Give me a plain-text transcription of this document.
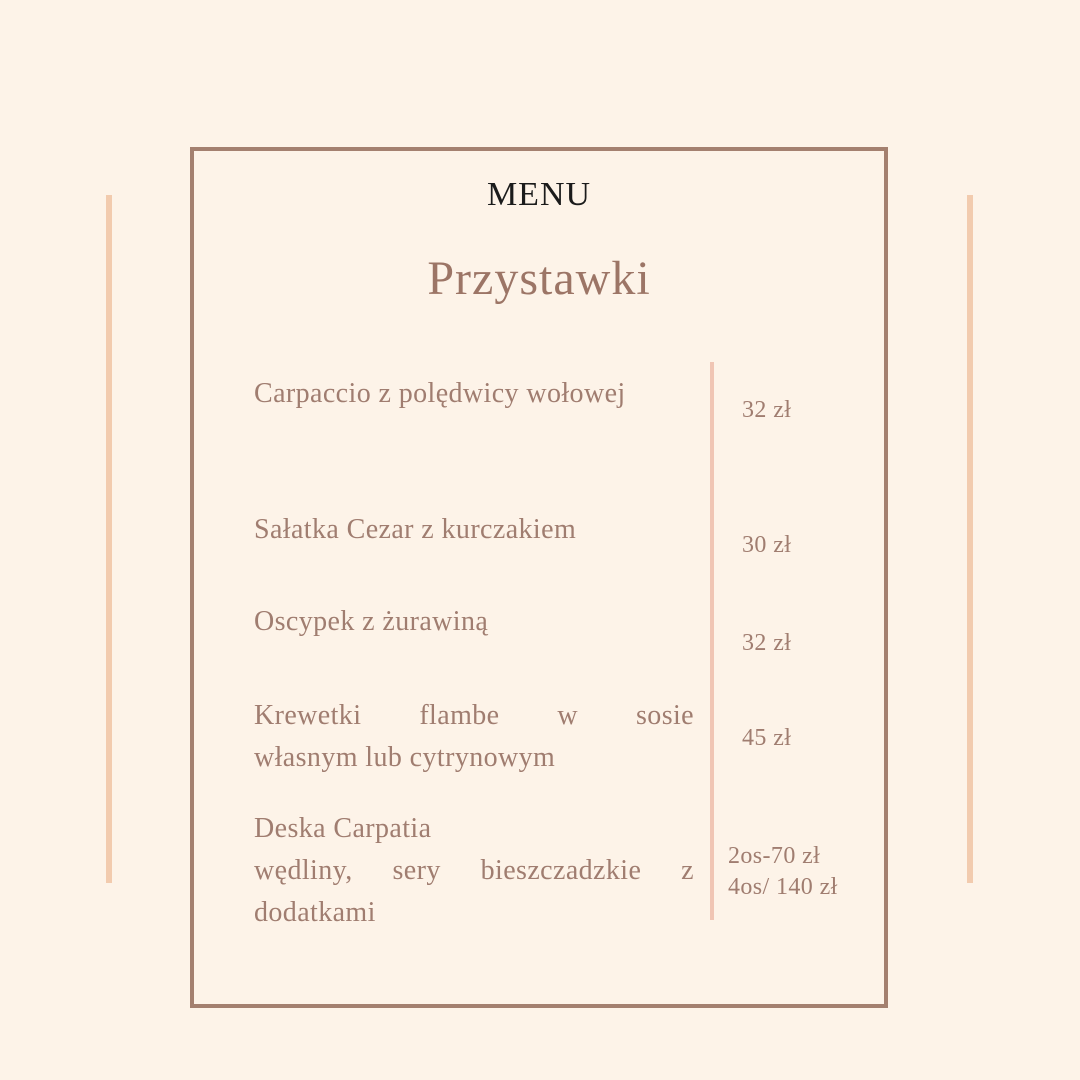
MENU
Przystawki
Carpaccio z polędwicy wołowej
32 zł
Sałatka Cezar z kurczakiem	30 zł
Oscypek z żurawiną
32 zł
Krewetki flambe w sosie
własnym lub cytrynowym
45 zł
Deska Carpatia
wędliny, sery bieszczadzkie z
dodatkami
2os-70 zł
4os/ 140 zł
